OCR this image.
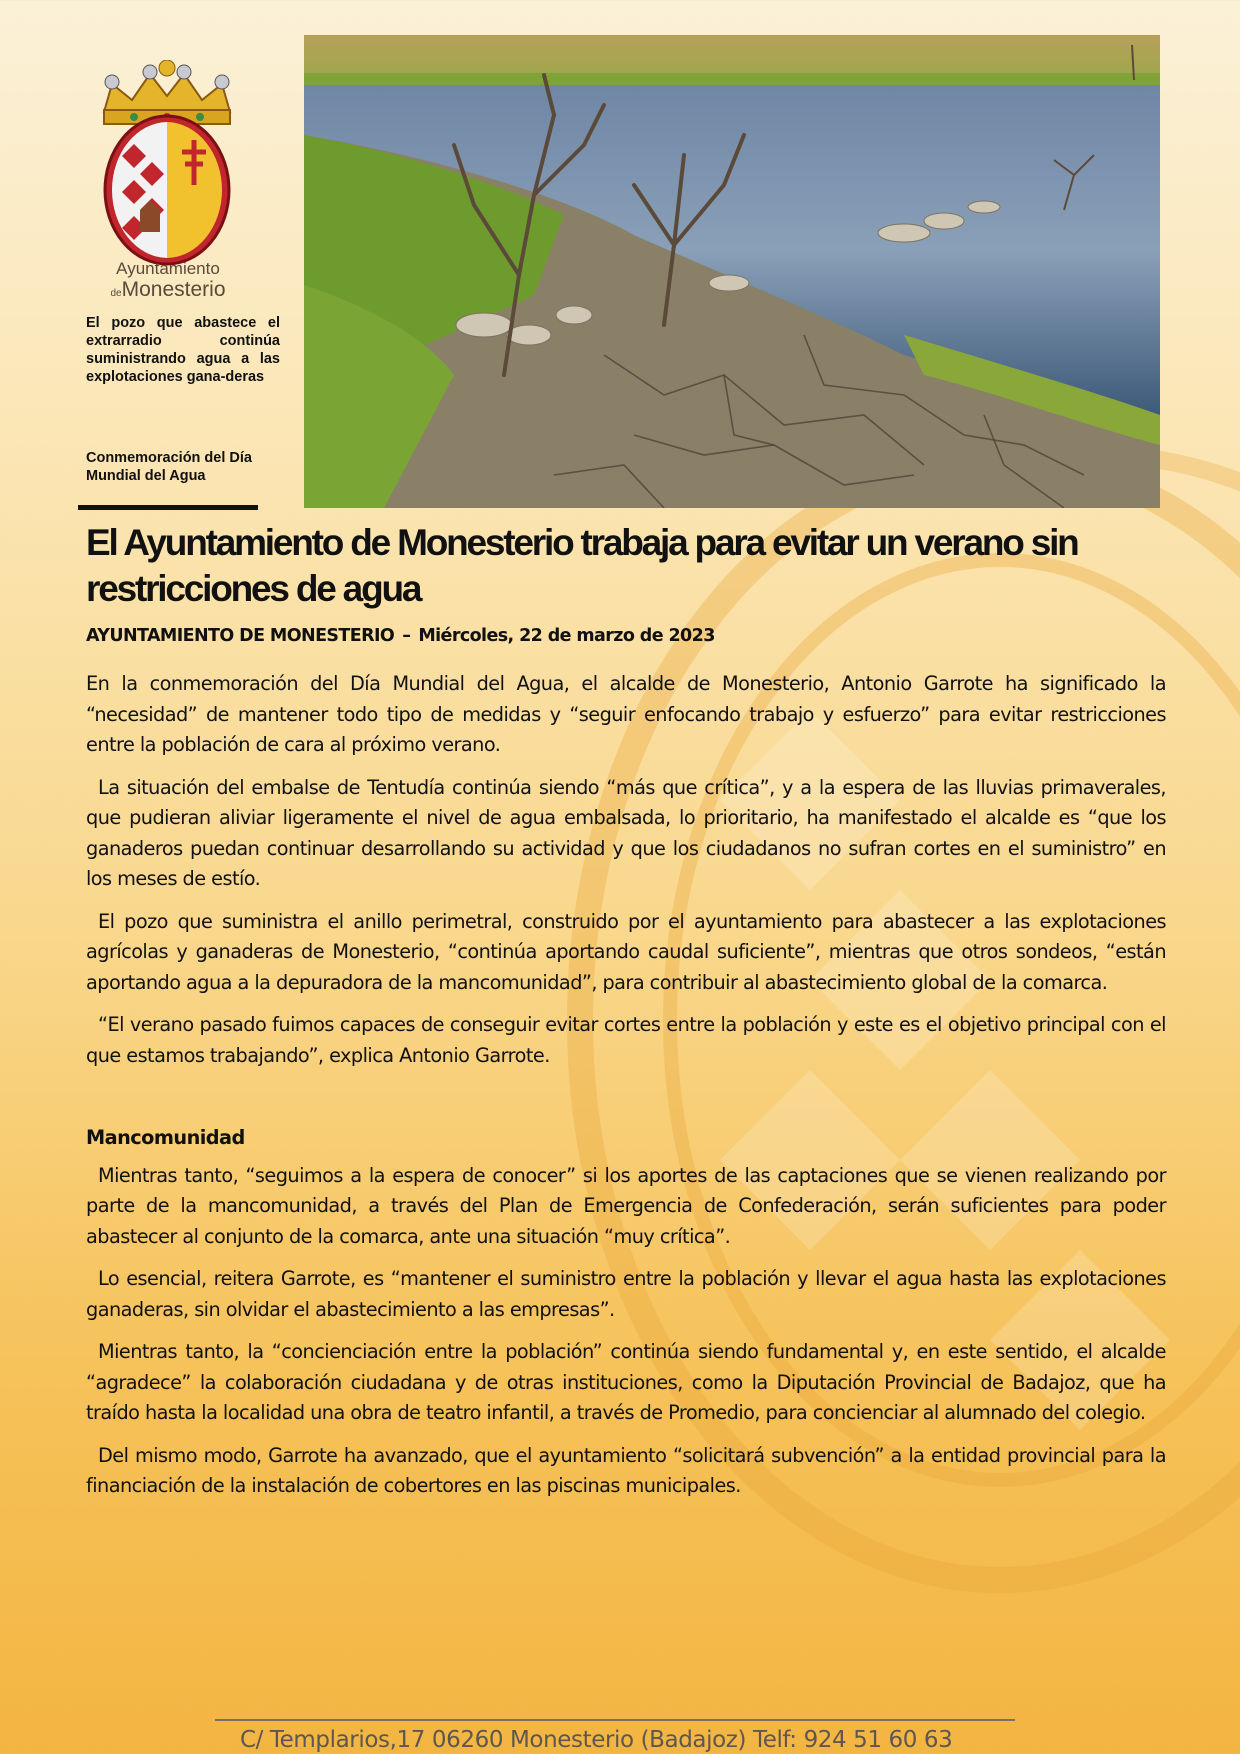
Ayuntamiento
deMonesterio
El pozo que abastece el extrarradio continúa suministrando agua a las explotaciones gana-deras
Conmemoración del Día Mundial del Agua
El Ayuntamiento de Monesterio trabaja para evitar un verano sin restricciones de agua
AYUNTAMIENTO DE MONESTERIO – Miércoles, 22 de marzo de 2023

En la conmemoración del Día Mundial del Agua, el alcalde de Monesterio, Antonio Garrote ha significado la “necesidad” de mantener todo tipo de medidas y “seguir enfocando trabajo y esfuerzo” para evitar restricciones entre la población de cara al próximo verano.

La situación del embalse de Tentudía continúa siendo “más que crítica”, y a la espera de las lluvias primaverales, que pudieran aliviar ligeramente el nivel de agua embalsada, lo prioritario, ha manifestado el alcalde es “que los ganaderos puedan continuar desarrollando su actividad y que los ciudadanos no sufran cortes en el suministro” en los meses de estío.

El pozo que suministra el anillo perimetral, construido por el ayuntamiento para abastecer a las explotaciones agrícolas y ganaderas de Monesterio, “continúa aportando caudal suficiente”, mientras que otros sondeos, “están aportando agua a la depuradora de la mancomunidad”, para contribuir al abastecimiento global de la comarca.

“El verano pasado fuimos capaces de conseguir evitar cortes entre la población y este es el objetivo principal con el que estamos trabajando”, explica Antonio Garrote.

Mancomunidad

Mientras tanto, “seguimos a la espera de conocer” si los aportes de las captaciones que se vienen realizando por parte de la mancomunidad, a través del Plan de Emergencia de Confederación, serán suficientes para poder abastecer al conjunto de la comarca, ante una situación “muy crítica”.

Lo esencial, reitera Garrote, es “mantener el suministro entre la población y llevar el agua hasta las explotaciones ganaderas, sin olvidar el abastecimiento a las empresas”.

Mientras tanto, la “concienciación entre la población” continúa siendo fundamental y, en este sentido, el alcalde “agradece” la colaboración ciudadana y de otras instituciones, como la Diputación Provincial de Badajoz, que ha traído hasta la localidad una obra de teatro infantil, a través de Promedio, para concienciar al alumnado del colegio.

Del mismo modo, Garrote ha avanzado, que el ayuntamiento “solicitará subvención” a la entidad provincial para la financiación de la instalación de cobertores en las piscinas municipales.

C/ Templarios,17 06260 Monesterio (Badajoz) Telf: 924 51 60 63
